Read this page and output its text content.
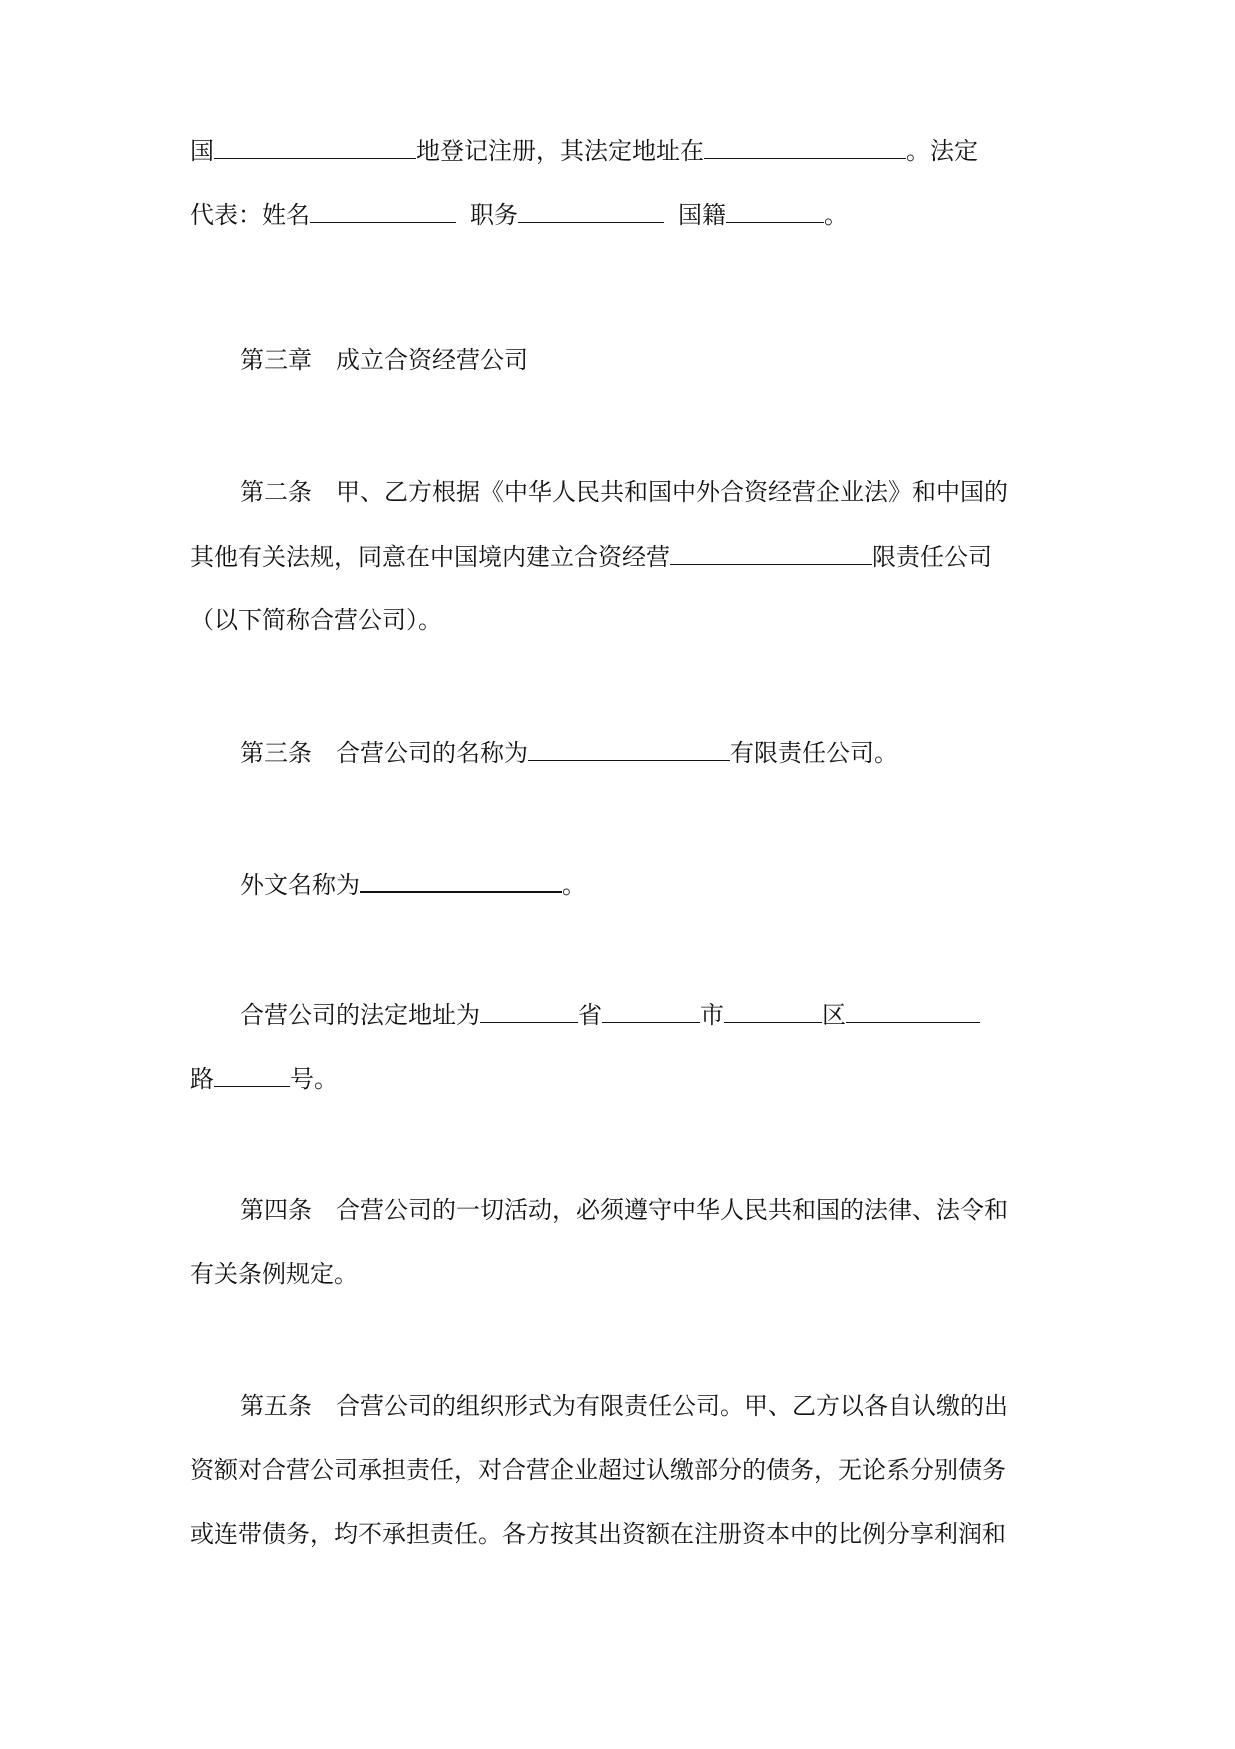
国	地登记注册，其法定地址在	。法定
代表：姓名	职务	国籍	。
第三章 成立合资经营公司
第二条 甲、乙方根据《中华人民共和国中外合资经营企业法》和中国的
其他有关法规，同意在中国境内建立合资经营	限责任公司
（以下简称合营公司）。
第三条 合营公司的名称为	有限责任公司。
外文名称为	。
合营公司的法定地址为	省	市	区
路	号。
第四条 合营公司的一切活动，必须遵守中华人民共和国的法律、法令和
有关条例规定。
第五条 合营公司的组织形式为有限责任公司。甲、乙方以各自认缴的出
资额对合营公司承担责任，对合营企业超过认缴部分的债务，无论系分别债务
或连带债务，均不承担责任。各方按其出资额在注册资本中的比例分享利润和
